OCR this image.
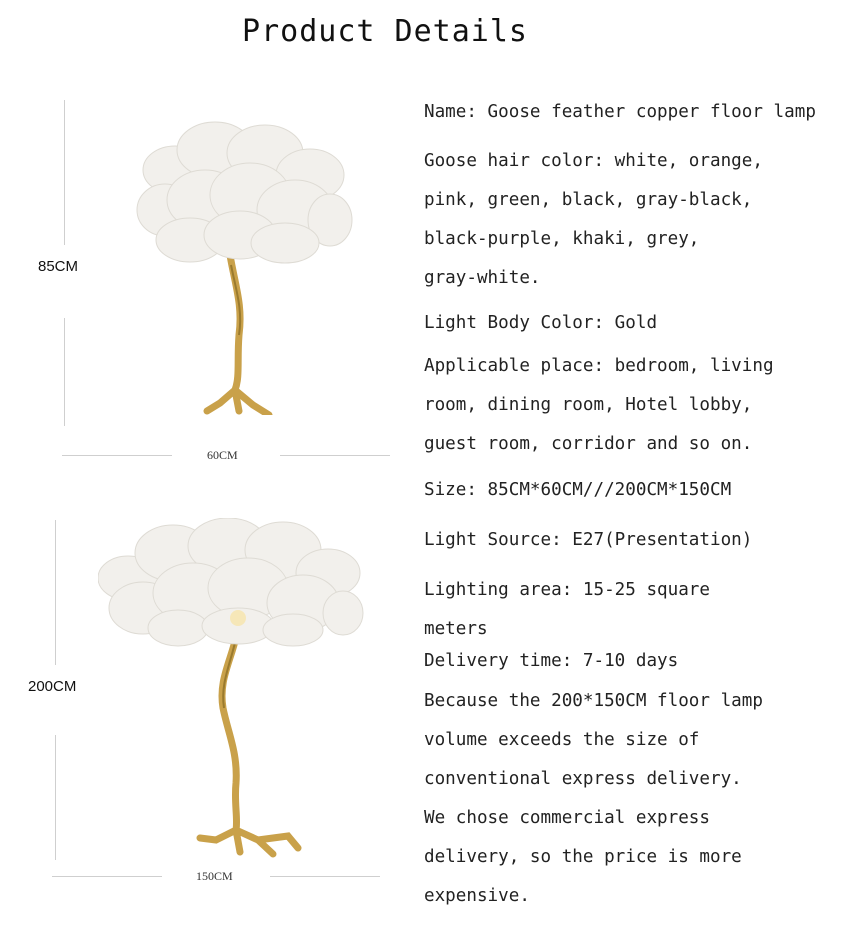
Product Details
85CM
60CM
200CM
150CM
Name: Goose feather copper floor lamp
Goose hair color: white, orange,
pink, green, black, gray-black,
black-purple, khaki, grey,
gray-white.
Light Body Color: Gold
Applicable place: bedroom, living
room, dining room, Hotel lobby,
guest room, corridor and so on.
Size: 85CM*60CM///200CM*150CM
Light Source: E27(Presentation)
Lighting area: 15-25 square
meters
Delivery time: 7-10 days
Because the 200*150CM floor lamp
volume exceeds the size of
conventional express delivery.
We chose commercial express
delivery, so the price is more
expensive.
